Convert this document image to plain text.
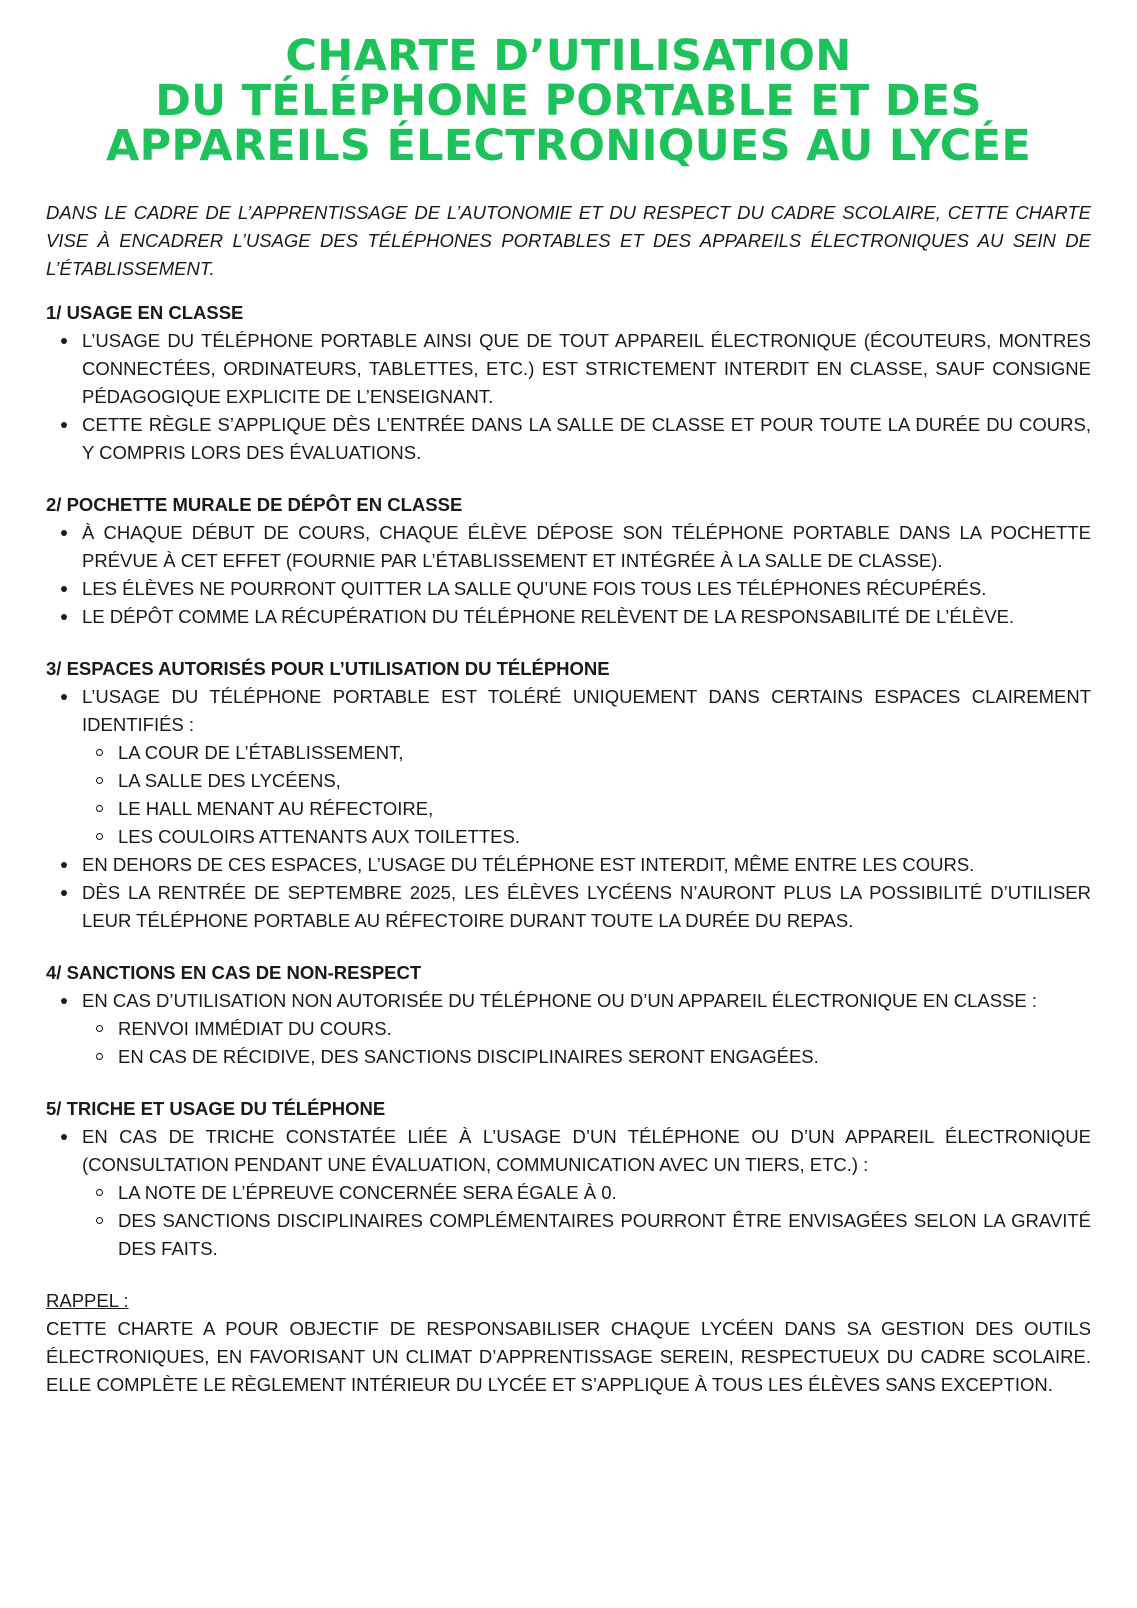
CHARTE D’UTILISATION
DU TÉLÉPHONE PORTABLE ET DES
APPAREILS ÉLECTRONIQUES AU LYCÉE

DANS LE CADRE DE L’APPRENTISSAGE DE L’AUTONOMIE ET DU RESPECT DU CADRE SCOLAIRE, CETTE CHARTE VISE À ENCADRER L’USAGE DES TÉLÉPHONES PORTABLES ET DES APPAREILS ÉLECTRONIQUES AU SEIN DE L’ÉTABLISSEMENT.

1/ USAGE EN CLASSE
L’USAGE DU TÉLÉPHONE PORTABLE AINSI QUE DE TOUT APPAREIL ÉLECTRONIQUE (ÉCOUTEURS, MONTRES CONNECTÉES, ORDINATEURS, TABLETTES, ETC.) EST STRICTEMENT INTERDIT EN CLASSE, SAUF CONSIGNE PÉDAGOGIQUE EXPLICITE DE L’ENSEIGNANT.
CETTE RÈGLE S’APPLIQUE DÈS L’ENTRÉE DANS LA SALLE DE CLASSE ET POUR TOUTE LA DURÉE DU COURS, Y COMPRIS LORS DES ÉVALUATIONS.
2/ POCHETTE MURALE DE DÉPÔT EN CLASSE
À CHAQUE DÉBUT DE COURS, CHAQUE ÉLÈVE DÉPOSE SON TÉLÉPHONE PORTABLE DANS LA POCHETTE PRÉVUE À CET EFFET (FOURNIE PAR L’ÉTABLISSEMENT ET INTÉGRÉE À LA SALLE DE CLASSE).
LES ÉLÈVES NE POURRONT QUITTER LA SALLE QU’UNE FOIS TOUS LES TÉLÉPHONES RÉCUPÉRÉS.
LE DÉPÔT COMME LA RÉCUPÉRATION DU TÉLÉPHONE RELÈVENT DE LA RESPONSABILITÉ DE L’ÉLÈVE.
3/ ESPACES AUTORISÉS POUR L’UTILISATION DU TÉLÉPHONE
L’USAGE DU TÉLÉPHONE PORTABLE EST TOLÉRÉ UNIQUEMENT DANS CERTAINS ESPACES CLAIREMENT IDENTIFIÉS :
LA COUR DE L’ÉTABLISSEMENT,
LA SALLE DES LYCÉENS,
LE HALL MENANT AU RÉFECTOIRE,
LES COULOIRS ATTENANTS AUX TOILETTES.
EN DEHORS DE CES ESPACES, L’USAGE DU TÉLÉPHONE EST INTERDIT, MÊME ENTRE LES COURS.
DÈS LA RENTRÉE DE SEPTEMBRE 2025, LES ÉLÈVES LYCÉENS N’AURONT PLUS LA POSSIBILITÉ D’UTILISER LEUR TÉLÉPHONE PORTABLE AU RÉFECTOIRE DURANT TOUTE LA DURÉE DU REPAS.
4/ SANCTIONS EN CAS DE NON-RESPECT
EN CAS D’UTILISATION NON AUTORISÉE DU TÉLÉPHONE OU D’UN APPAREIL ÉLECTRONIQUE EN CLASSE :
RENVOI IMMÉDIAT DU COURS.
EN CAS DE RÉCIDIVE, DES SANCTIONS DISCIPLINAIRES SERONT ENGAGÉES.
5/ TRICHE ET USAGE DU TÉLÉPHONE
EN CAS DE TRICHE CONSTATÉE LIÉE À L’USAGE D’UN TÉLÉPHONE OU D’UN APPAREIL ÉLECTRONIQUE (CONSULTATION PENDANT UNE ÉVALUATION, COMMUNICATION AVEC UN TIERS, ETC.) :
LA NOTE DE L’ÉPREUVE CONCERNÉE SERA ÉGALE À 0.
DES SANCTIONS DISCIPLINAIRES COMPLÉMENTAIRES POURRONT ÊTRE ENVISAGÉES SELON LA GRAVITÉ DES FAITS.

RAPPEL :

CETTE CHARTE A POUR OBJECTIF DE RESPONSABILISER CHAQUE LYCÉEN DANS SA GESTION DES OUTILS ÉLECTRONIQUES, EN FAVORISANT UN CLIMAT D’APPRENTISSAGE SEREIN, RESPECTUEUX DU CADRE SCOLAIRE. ELLE COMPLÈTE LE RÈGLEMENT INTÉRIEUR DU LYCÉE ET S’APPLIQUE À TOUS LES ÉLÈVES SANS EXCEPTION.
